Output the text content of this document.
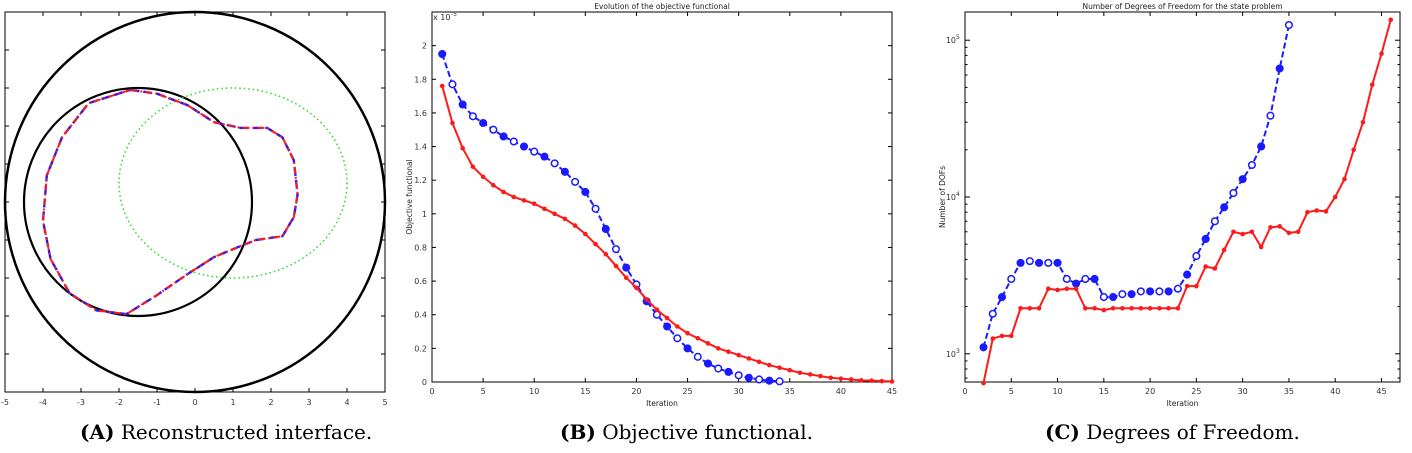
-5	-4	-3	-2	-1	0	1	2	3	4	5
Evolution of the objective functional
Iteration
Objective functional
x 10 -5
0	5	10	15	20	25	30	35	40	45
0
0.2
0.4
0.6
0.8
1
1.2
1.4
1.6
1.8
2
Number of Degrees of Freedom for the state problem
Iteration
Number of DOFs
0	5	10	15	20	25	30	35	40	45
10 3
10 4
10 5
(A) Reconstructed interface.	(B) Objective functional.	(C) Degrees of Freedom.
